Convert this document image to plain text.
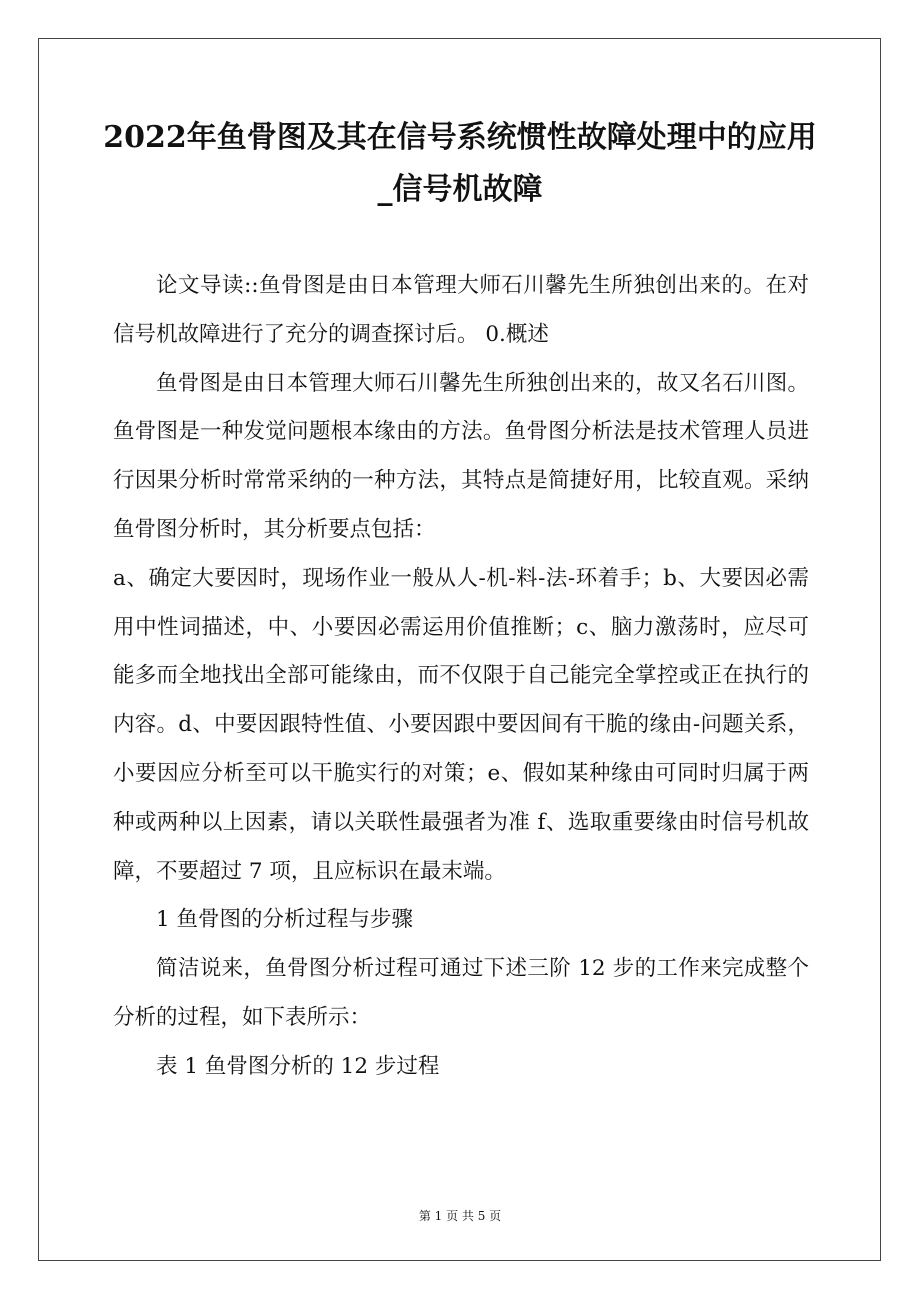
2022年鱼骨图及其在信号系统惯性故障处理中的应用_信号机故障

论文导读::鱼骨图是由日本管理大师石川馨先生所独创出来的。在对信号机故障进行了充分的调查探讨后。 0.概述

鱼骨图是由日本管理大师石川馨先生所独创出来的，故又名石川图。鱼骨图是一种发觉问题根本缘由的方法。鱼骨图分析法是技术管理人员进行因果分析时常常采纳的一种方法，其特点是简捷好用，比较直观。采纳鱼骨图分析时，其分析要点包括：

a、确定大要因时，现场作业一般从人-机-料-法-环着手；b、大要因必需用中性词描述，中、小要因必需运用价值推断；c、脑力激荡时，应尽可能多而全地找出全部可能缘由，而不仅限于自己能完全掌控或正在执行的内容。d、中要因跟特性值、小要因跟中要因间有干脆的缘由-问题关系，小要因应分析至可以干脆实行的对策；e、假如某种缘由可同时归属于两种或两种以上因素，请以关联性最强者为准 f、选取重要缘由时信号机故障，不要超过 7 项，且应标识在最末端。

1 鱼骨图的分析过程与步骤

简洁说来，鱼骨图分析过程可通过下述三阶 12 步的工作来完成整个分析的过程，如下表所示：

表 1 鱼骨图分析的 12 步过程

第 1 页 共 5 页
